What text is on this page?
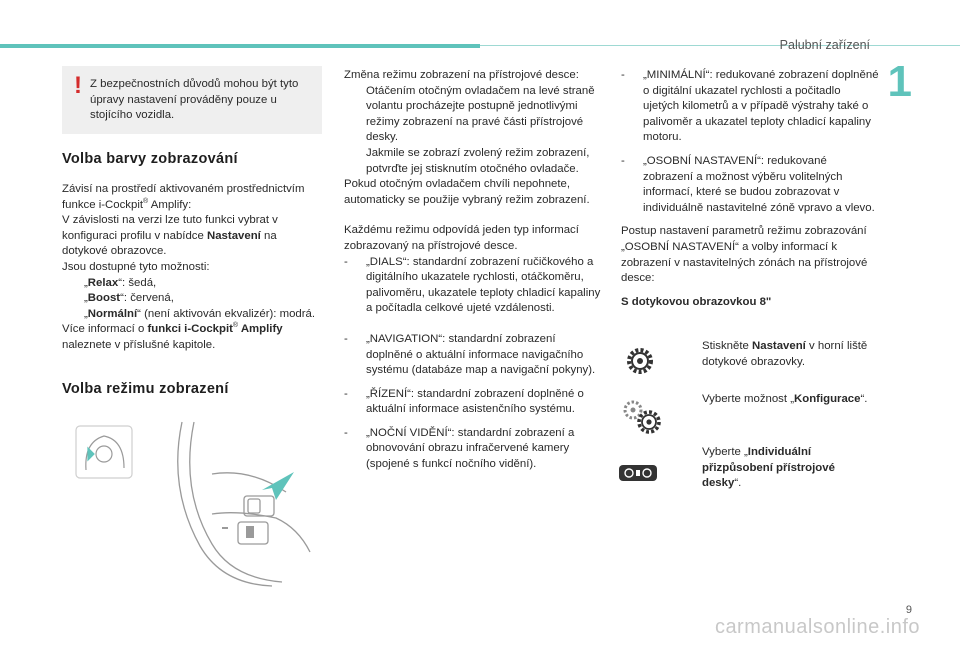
Palubní zařízení
1
9
carmanualsonline.info
! Z bezpečnostních důvodů mohou být tyto úpravy nastavení prováděny pouze u stojícího vozidla.
Volba barvy zobrazování

Závisí na prostředí aktivovaném prostřednictvím funkce i-Cockpit® Amplify:

V závislosti na verzi lze tuto funkci vybrat v konfiguraci profilu v nabídce Nastavení na dotykové obrazovce.

Jsou dostupné tyto možnosti:

„Relax“: šedá,
„Boost“: červená,
„Normální“ (není aktivován ekvalizér): modrá.

Více informací o funkci i-Cockpit® Amplify naleznete v příslušné kapitole.

Volba režimu zobrazení

Změna režimu zobrazení na přístrojové desce:

Otáčením otočným ovladačem na levé straně volantu procházejte postupně jednotlivými režimy zobrazení na pravé části přístrojové desky.
Jakmile se zobrazí zvolený režim zobrazení, potvrďte jej stisknutím otočného ovladače.

Pokud otočným ovladačem chvíli nepohnete, automaticky se použije vybraný režim zobrazení.

Každému režimu odpovídá jeden typ informací zobrazovaný na přístrojové desce.

- „DIALS“: standardní zobrazení ručičkového a digitálního ukazatele rychlosti, otáčkoměru, palivoměru, ukazatele teploty chladicí kapaliny a počítadla celkové ujeté vzdálenosti.
- „NAVIGATION“: standardní zobrazení doplněné o aktuální informace navigačního systému (databáze map a navigační pokyny).
- „ŘÍZENÍ“: standardní zobrazení doplněné o aktuální informace asistenčního systému.
- „NOČNÍ VIDĚNÍ“: standardní zobrazení a obnovování obrazu infračervené kamery (spojené s funkcí nočního vidění).
- „MINIMÁLNÍ“: redukované zobrazení doplněné o digitální ukazatel rychlosti a počitadlo ujetých kilometrů a v případě výstrahy také o palivoměr a ukazatel teploty chladicí kapaliny motoru.
- „OSOBNÍ NASTAVENÍ“: redukované zobrazení a možnost výběru volitelných informací, které se budou zobrazovat v individuálně nastavitelné zóně vpravo a vlevo.

Postup nastavení parametrů režimu zobrazování „OSOBNÍ NASTAVENÍ“ a volby informací k zobrazení v nastavitelných zónách na přístrojové desce:

S dotykovou obrazovkou 8"

Stiskněte Nastavení v horní liště dotykové obrazovky.
Vyberte možnost „Konfigurace“.
Vyberte „Individuální přizpůsobení přístrojové desky“.
